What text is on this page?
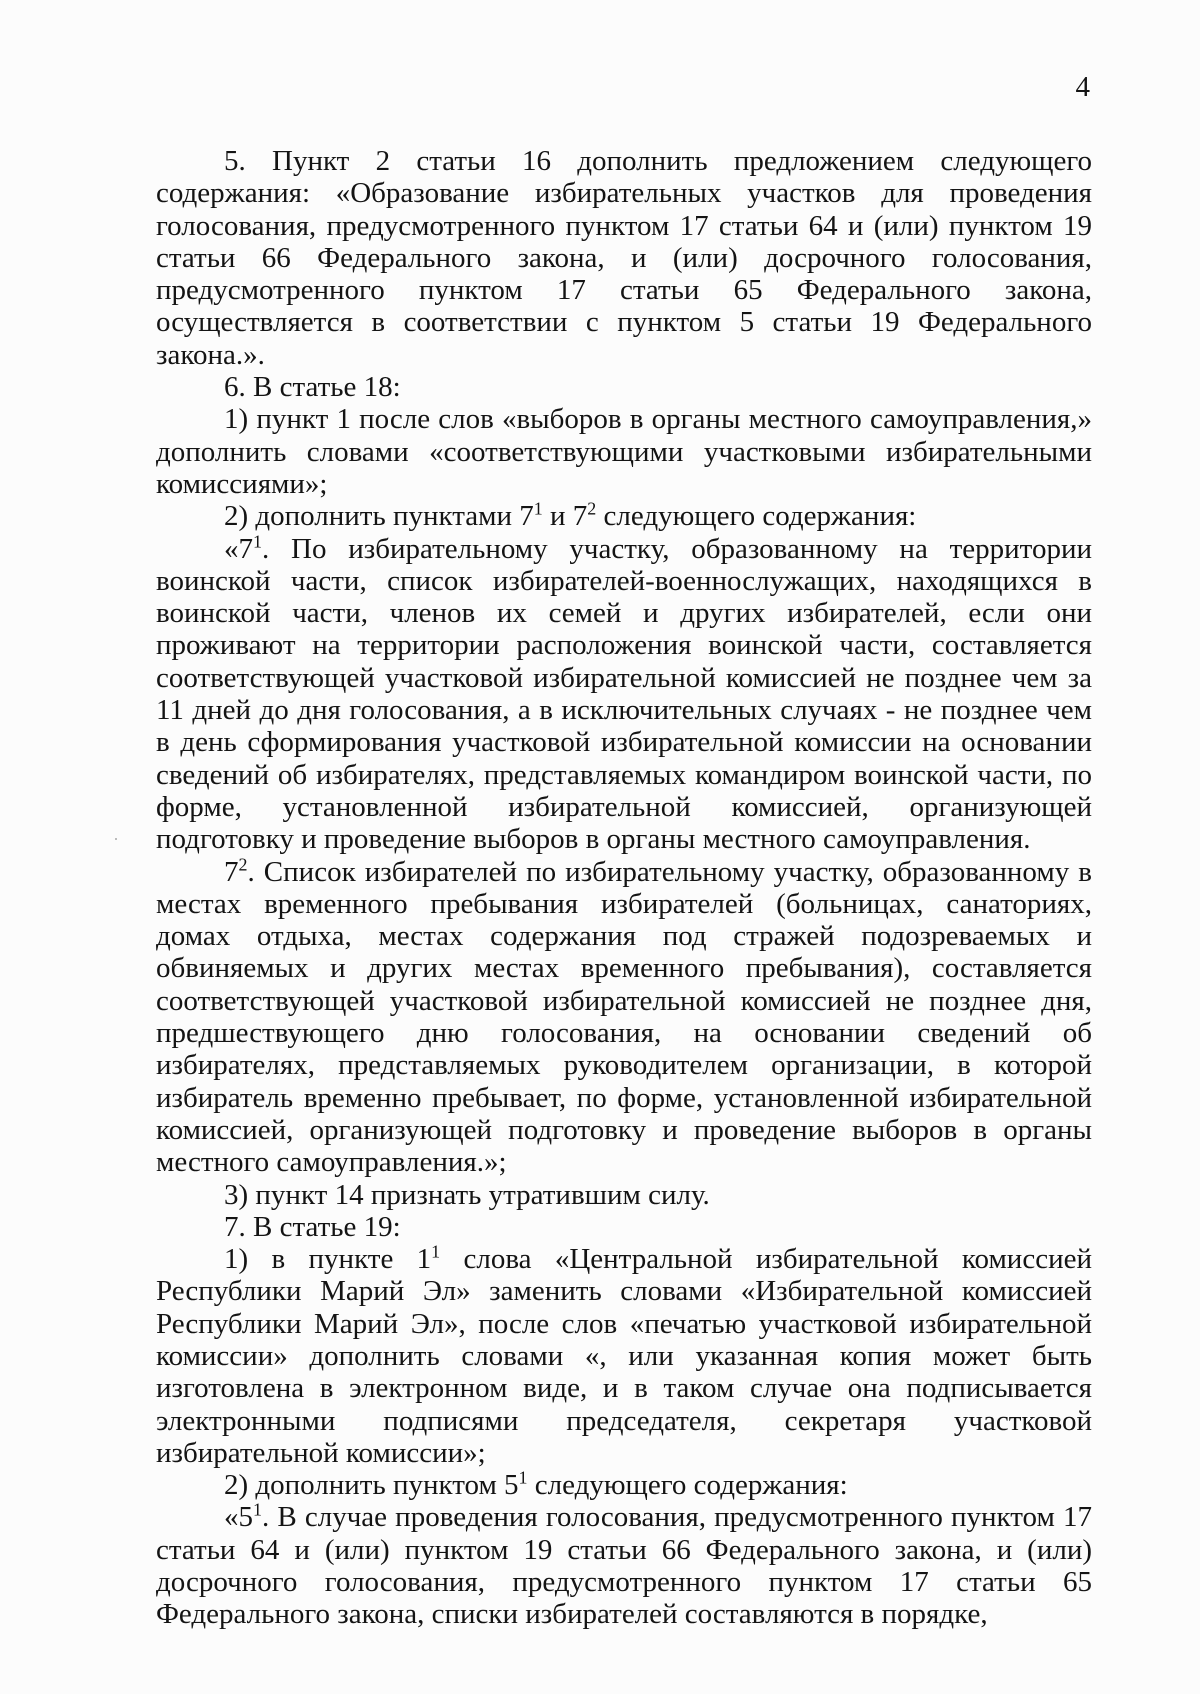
4

5. Пункт 2 статьи 16 дополнить предложением следующего содержания: «Образование избирательных участков для проведения голосования, предусмотренного пунктом 17 статьи 64 и (или) пунктом 19 статьи 66 Федерального закона, и (или) досрочного голосования, предусмотренного пунктом 17 статьи 65 Федерального закона, осуществляется в соответствии с пунктом 5 статьи 19 Федерального закона.».

6. В статье 18:

1) пункт 1 после слов «выборов в органы местного самоуправления,» дополнить словами «соответствующими участковыми избирательными комиссиями»;

2) дополнить пунктами $7^1$ и $7^2$ следующего содержания:

«$7^1$. По избирательному участку, образованному на территории воинской части, список избирателей-военнослужащих, находящихся в воинской части, членов их семей и других избирателей, если они проживают на территории расположения воинской части, составляется соответствующей участковой избирательной комиссией не позднее чем за 11 дней до дня голосования, а в исключительных случаях - не позднее чем в день сформирования участковой избирательной комиссии на основании сведений об избирателях, представляемых командиром воинской части, по форме, установленной избирательной комиссией, организующей подготовку и проведение выборов в органы местного самоуправления.

$7^2$. Список избирателей по избирательному участку, образованному в местах временного пребывания избирателей (больницах, санаториях, домах отдыха, местах содержания под стражей подозреваемых и обвиняемых и других местах временного пребывания), составляется соответствующей участковой избирательной комиссией не позднее дня, предшествующего дню голосования, на основании сведений об избирателях, представляемых руководителем организации, в которой избиратель временно пребывает, по форме, установленной избирательной комиссией, организующей подготовку и проведение выборов в органы местного самоуправления.»;

3) пункт 14 признать утратившим силу.

7. В статье 19:

1) в пункте $1^1$ слова «Центральной избирательной комиссией Республики Марий Эл» заменить словами «Избирательной комиссией Республики Марий Эл», после слов «печатью участковой избирательной комиссии» дополнить словами «, или указанная копия может быть изготовлена в электронном виде, и в таком случае она подписывается электронными подписями председателя, секретаря участковой избирательной комиссии»;

2) дополнить пунктом $5^1$ следующего содержания:

«$5^1$. В случае проведения голосования, предусмотренного пунктом 17 статьи 64 и (или) пунктом 19 статьи 66 Федерального закона, и (или) досрочного голосования, предусмотренного пунктом 17 статьи 65 Федерального закона, списки избирателей составляются в порядке,
